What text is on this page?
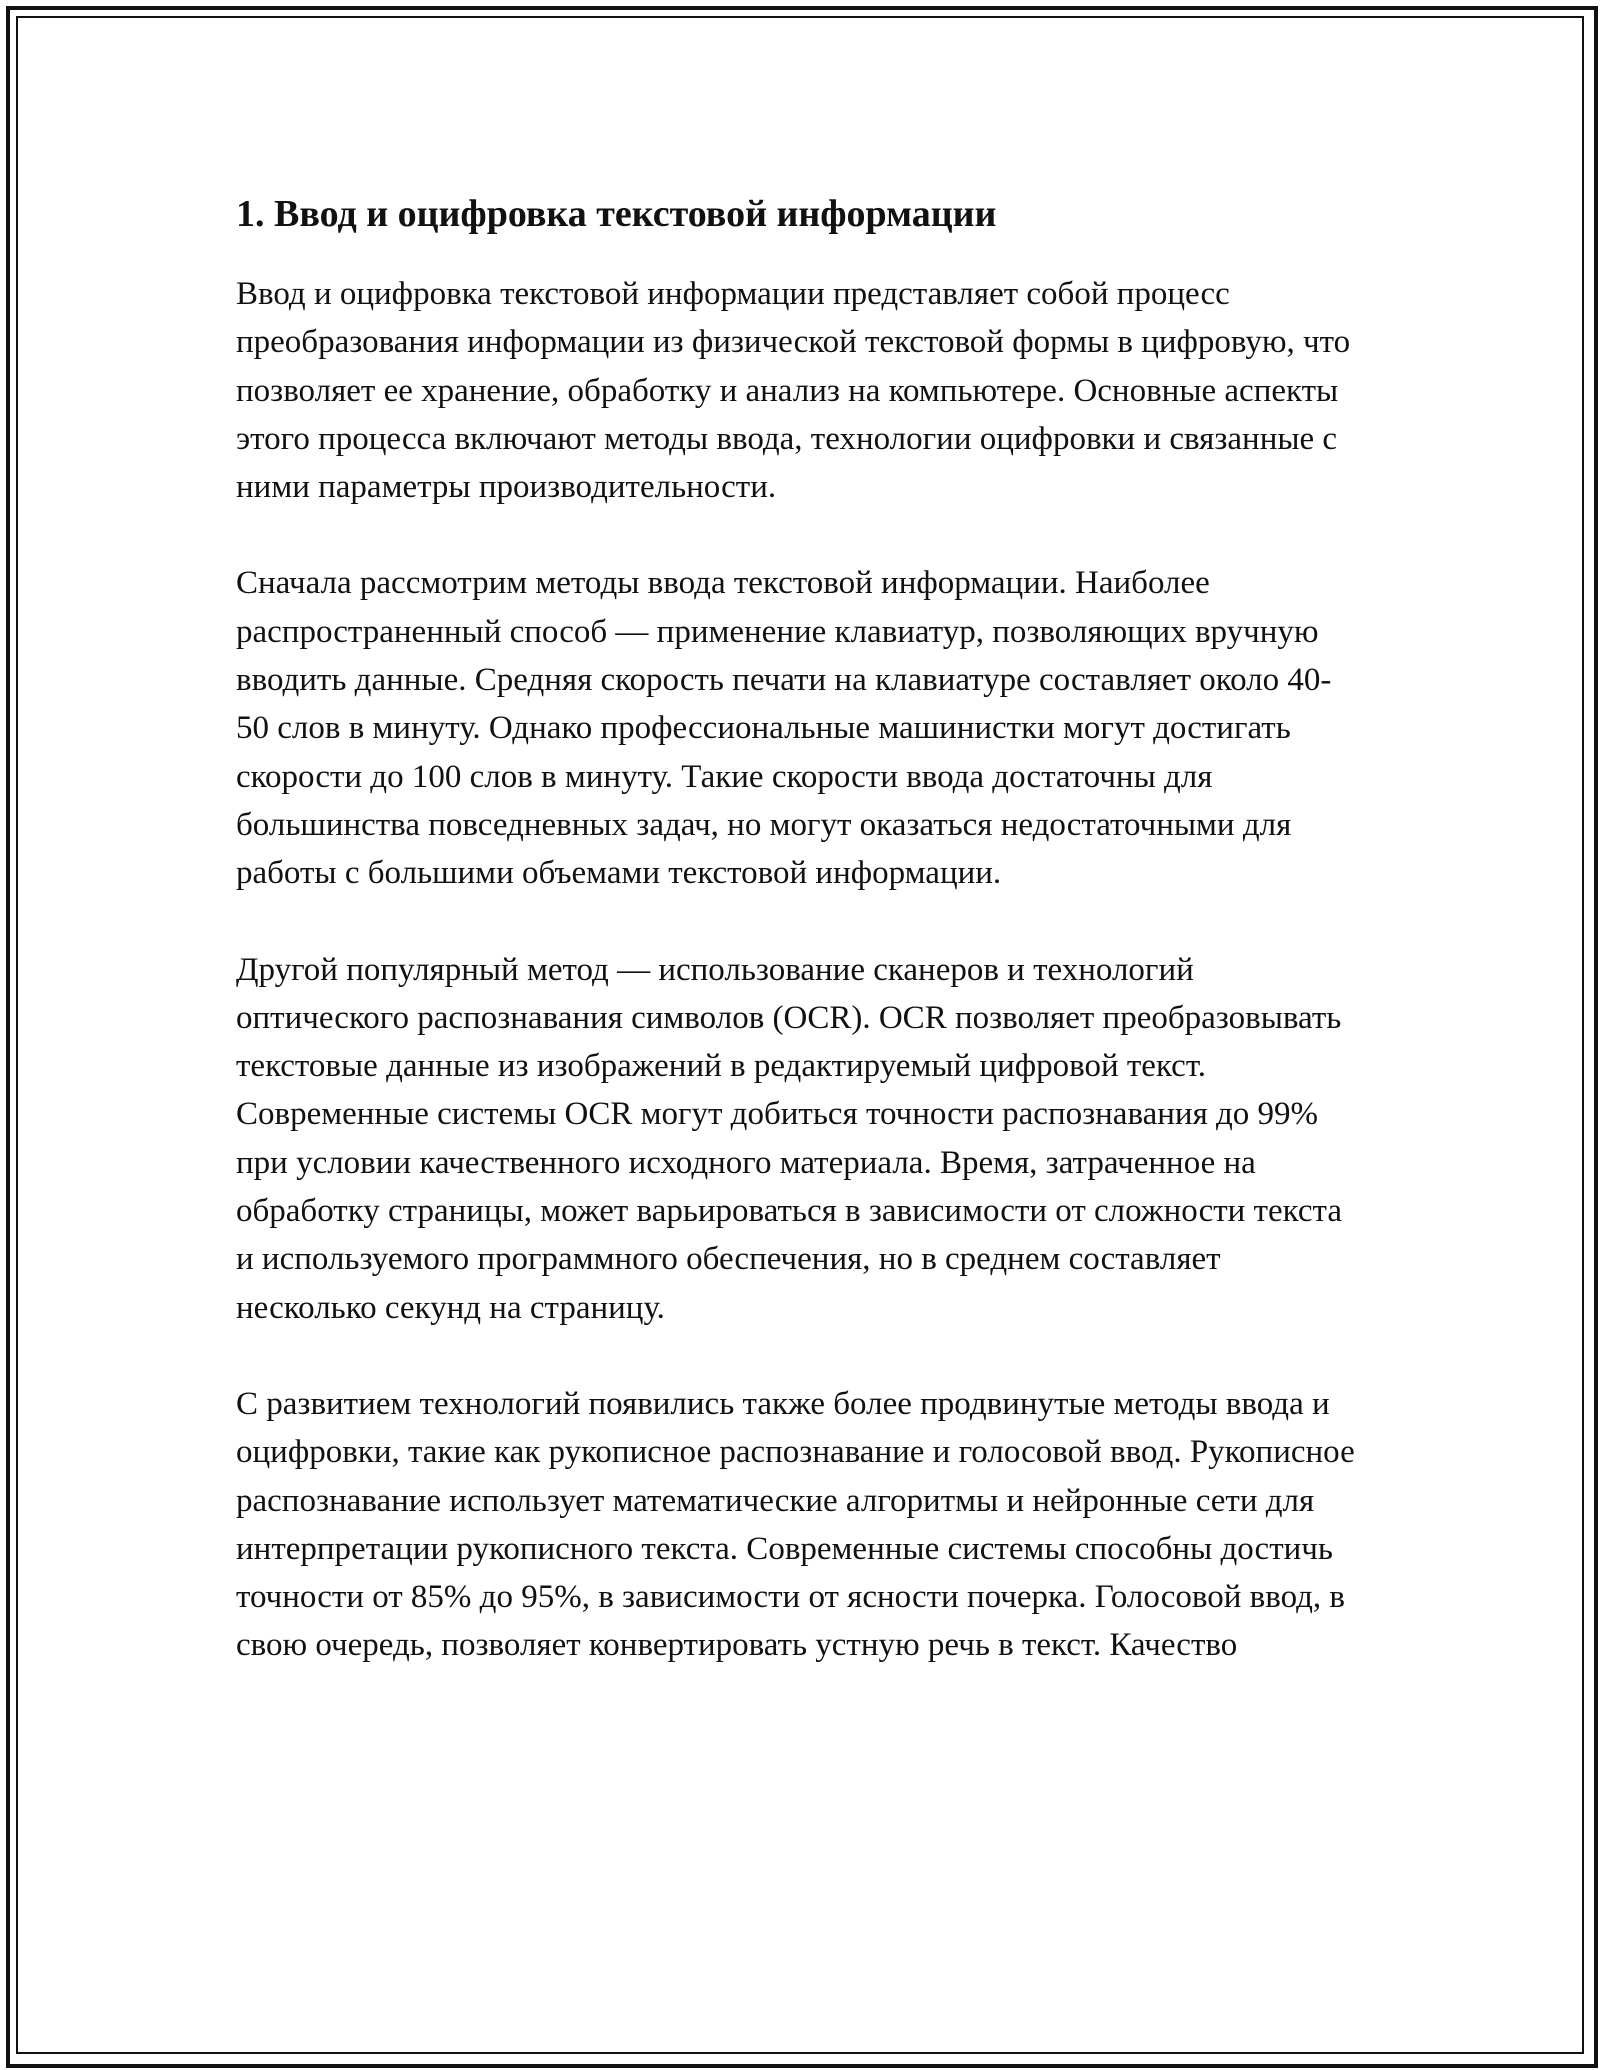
1. Ввод и оцифровка текстовой информации

Ввод и оцифровка текстовой информации представляет собой процесс преобразования информации из физической текстовой формы в цифровую, что позволяет ее хранение, обработку и анализ на компьютере. Основные аспекты этого процесса включают методы ввода, технологии оцифровки и связанные с ними параметры производительности.

Сначала рассмотрим методы ввода текстовой информации. Наиболее распространенный способ — применение клавиатур, позволяющих вручную вводить данные. Средняя скорость печати на клавиатуре составляет около 40-50 слов в минуту. Однако профессиональные машинистки могут достигать скорости до 100 слов в минуту. Такие скорости ввода достаточны для большинства повседневных задач, но могут оказаться недостаточными для работы с большими объемами текстовой информации.

Другой популярный метод — использование сканеров и технологий оптического распознавания символов (OCR). OCR позволяет преобразовывать текстовые данные из изображений в редактируемый цифровой текст. Современные системы OCR могут добиться точности распознавания до 99% при условии качественного исходного материала. Время, затраченное на обработку страницы, может варьироваться в зависимости от сложности текста и используемого программного обеспечения, но в среднем составляет несколько секунд на страницу.

С развитием технологий появились также более продвинутые методы ввода и оцифровки, такие как рукописное распознавание и голосовой ввод. Рукописное распознавание использует математические алгоритмы и нейронные сети для интерпретации рукописного текста. Современные системы способны достичь точности от 85% до 95%, в зависимости от ясности почерка. Голосовой ввод, в свою очередь, позволяет конвертировать устную речь в текст. Качество
